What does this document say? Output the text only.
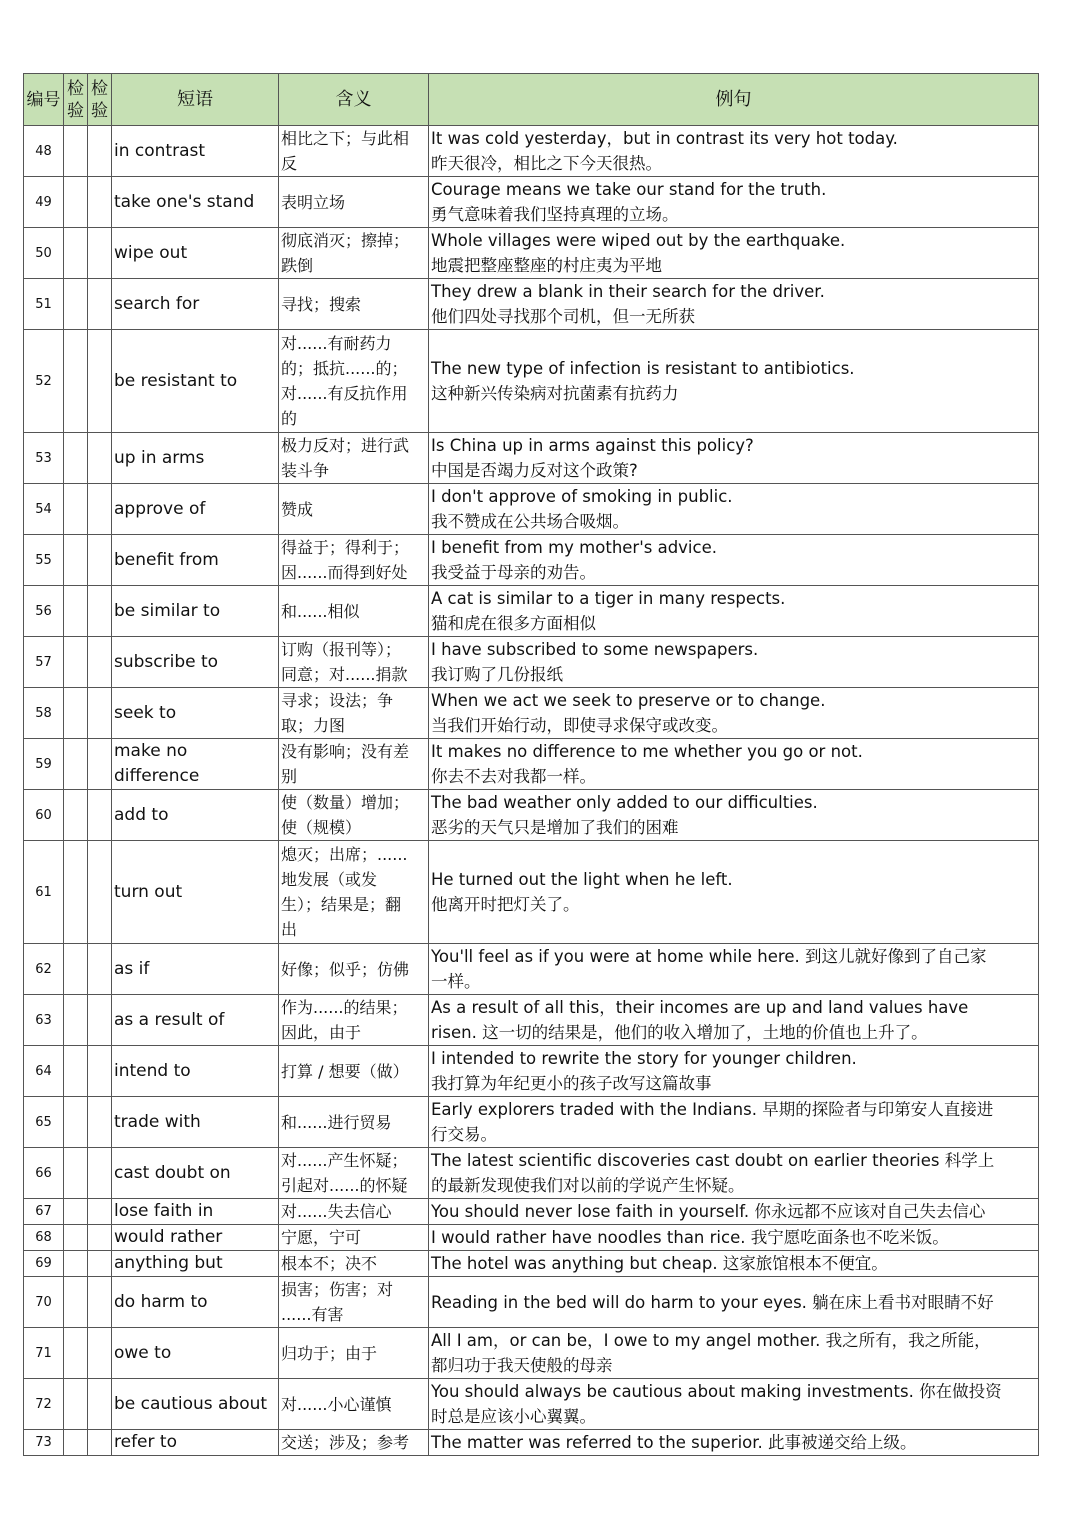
编号	检验	检验	短语	含义	例句
48			in contrast	相比之下；与此相
反	It was cold yesterday，but in contrast its very hot today.
昨天很冷，相比之下今天很热。

49			take one's stand	表明立场	Courage means we take our stand for the truth.
勇气意味着我们坚持真理的立场。

50			wipe out	彻底消灭；擦掉；
跌倒	Whole villages were wiped out by the earthquake.
地震把整座整座的村庄夷为平地

51			search for	寻找；搜索	They drew a blank in their search for the driver.
他们四处寻找那个司机，但一无所获

52			be resistant to	对......有耐药力
的；抵抗......的；
对......有反抗作用
的	The new type of infection is resistant to antibiotics.
这种新兴传染病对抗菌素有抗药力

53			up in arms	极力反对；进行武
装斗争	Is China up in arms against this policy?
中国是否竭力反对这个政策?

54			approve of	赞成	I don't approve of smoking in public.
我不赞成在公共场合吸烟。

55			benefit from	得益于；得利于；
因......而得到好处	I benefit from my mother's advice.
我受益于母亲的劝告。

56			be similar to	和......相似	A cat is similar to a tiger in many respects.
猫和虎在很多方面相似

57			subscribe to	订购（报刊等）；
同意；对......捐款	I have subscribed to some newspapers.
我订购了几份报纸

58			seek to	寻求；设法；争
取；力图	When we act we seek to preserve or to change.
当我们开始行动，即使寻求保守或改变。

59			make no difference	没有影响；没有差
别	It makes no difference to me whether you go or not.
你去不去对我都一样。

60			add to	使（数量）增加；
使（规模）	The bad weather only added to our difficulties.
恶劣的天气只是增加了我们的困难

61			turn out	熄灭；出席；......
地发展（或发
生）；结果是；翻
出	He turned out the light when he left.
他离开时把灯关了。

62			as if	好像；似乎；仿佛	You'll feel as if you were at home while here. 到这儿就好像到了自己家
一样。

63			as a result of	作为......的结果；
因此，由于	As a result of all this，their incomes are up and land values have
risen. 这一切的结果是，他们的收入增加了，土地的价值也上升了。

64			intend to	打算 / 想要（做）	I intended to rewrite the story for younger children.
我打算为年纪更小的孩子改写这篇故事

65			trade with	和......进行贸易	Early explorers traded with the Indians. 早期的探险者与印第安人直接进
行交易。

66			cast doubt on	对......产生怀疑；
引起对......的怀疑	The latest scientific discoveries cast doubt on earlier theories 科学上
的最新发现使我们对以前的学说产生怀疑。

67			lose faith in	对......失去信心	You should never lose faith in yourself. 你永远都不应该对自己失去信心

68			would rather	宁愿，宁可	I would rather have noodles than rice. 我宁愿吃面条也不吃米饭。

69			anything but	根本不；决不	The hotel was anything but cheap. 这家旅馆根本不便宜。

70			do harm to	损害；伤害；对
......有害	Reading in the bed will do harm to your eyes. 躺在床上看书对眼睛不好

71			owe to	归功于；由于	All I am，or can be，I owe to my angel mother. 我之所有，我之所能，
都归功于我天使般的母亲

72			be cautious about	对......小心谨慎	You should always be cautious about making investments. 你在做投资
时总是应该小心翼翼。

73			refer to	交送；涉及；参考	The matter was referred to the superior. 此事被递交给上级。
